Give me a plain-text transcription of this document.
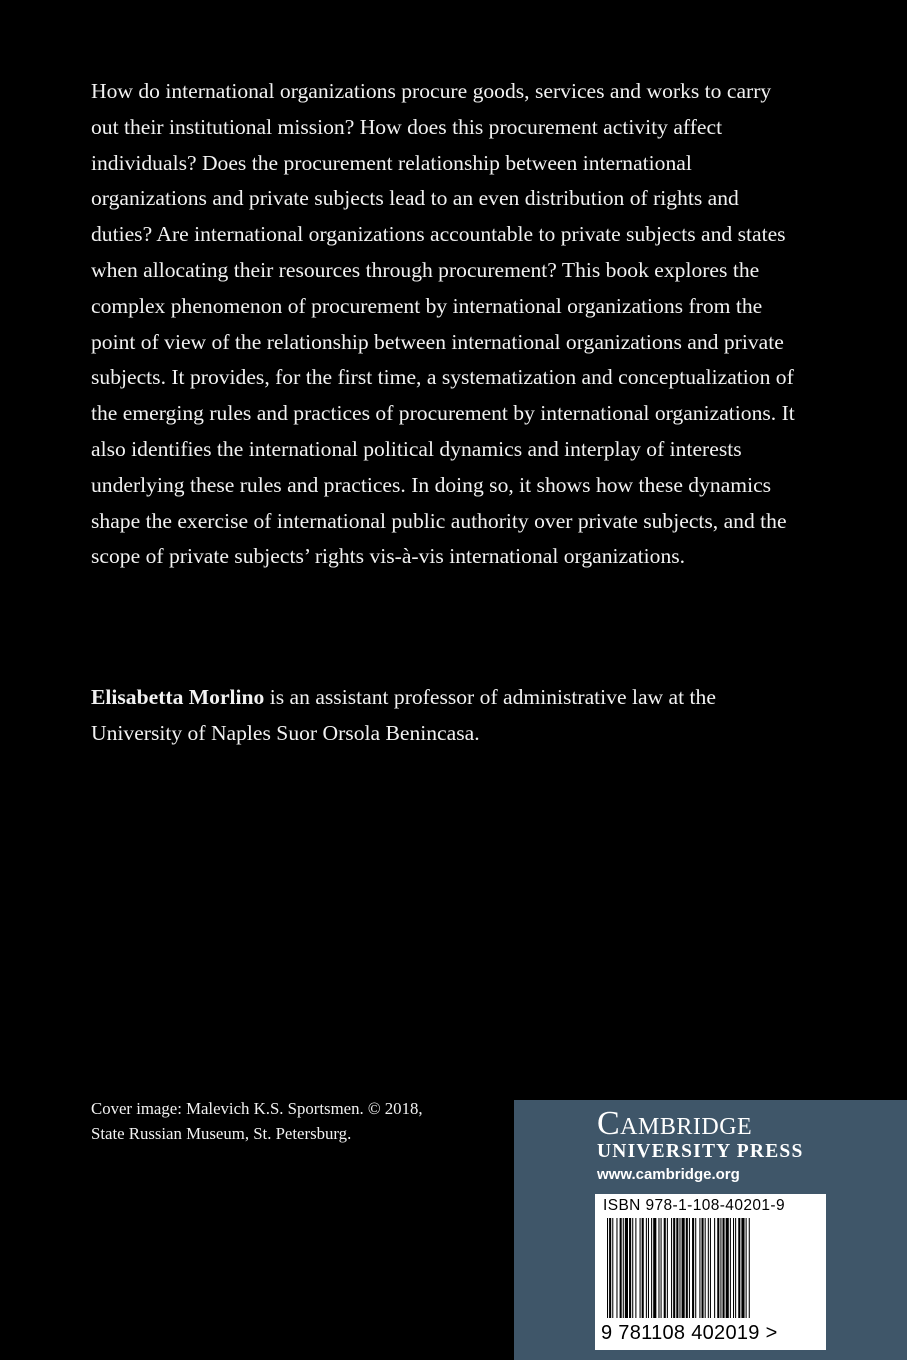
How do international organizations procure goods, services and works to carry out their institutional mission? How does this procurement activity affect individuals? Does the procurement relationship between international organizations and private subjects lead to an even distribution of rights and duties? Are international organizations accountable to private subjects and states when allocating their resources through procurement? This book explores the complex phenomenon of procurement by international organizations from the point of view of the relationship between international organizations and private subjects. It provides, for the first time, a systematization and conceptualization of the emerging rules and practices of procurement by international organizations. It also identifies the international political dynamics and interplay of interests underlying these rules and practices. In doing so, it shows how these dynamics shape the exercise of international public authority over private subjects, and the scope of private subjects’ rights vis-à-vis international organizations.

Elisabetta Morlino is an assistant professor of administrative law at the University of Naples Suor Orsola Benincasa.

Cover image: Malevich K.S. Sportsmen. © 2018,
State Russian Museum, St. Petersburg.	Cambridge

UNIVERSITY PRESS

www.cambridge.org

ISBN 978-1-108-40201-9

9 781108 402019 >
